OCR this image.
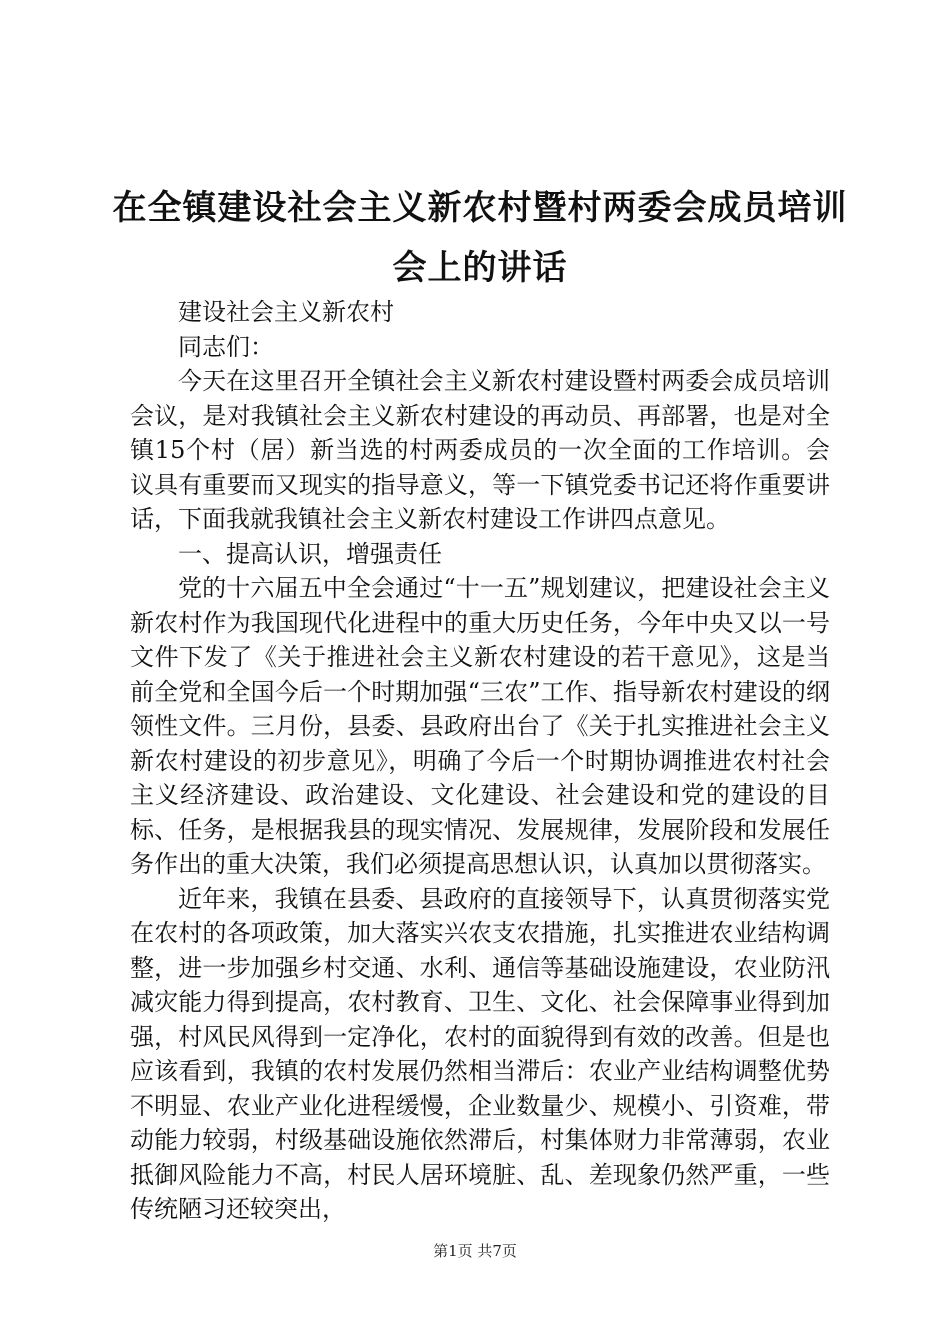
在全镇建设社会主义新农村暨村两委会成员培训会上的讲话

建设社会主义新农村

同志们：

今天在这里召开全镇社会主义新农村建设暨村两委会成员培训会议，是对我镇社会主义新农村建设的再动员、再部署，也是对全镇15个村（居）新当选的村两委成员的一次全面的工作培训。会议具有重要而又现实的指导意义，等一下镇党委书记还将作重要讲话，下面我就我镇社会主义新农村建设工作讲四点意见。

一、提高认识，增强责任

党的十六届五中全会通过“十一五”规划建议，把建设社会主义新农村作为我国现代化进程中的重大历史任务，今年中央又以一号文件下发了《关于推进社会主义新农村建设的若干意见》，这是当前全党和全国今后一个时期加强“三农”工作、指导新农村建设的纲领性文件。三月份，县委、县政府出台了《关于扎实推进社会主义新农村建设的初步意见》，明确了今后一个时期协调推进农村社会主义经济建设、政治建设、文化建设、社会建设和党的建设的目标、任务，是根据我县的现实情况、发展规律，发展阶段和发展任务作出的重大决策，我们必须提高思想认识，认真加以贯彻落实。

近年来，我镇在县委、县政府的直接领导下，认真贯彻落实党在农村的各项政策，加大落实兴农支农措施，扎实推进农业结构调整，进一步加强乡村交通、水利、通信等基础设施建设，农业防汛减灾能力得到提高，农村教育、卫生、文化、社会保障事业得到加强，村风民风得到一定净化，农村的面貌得到有效的改善。但是也应该看到，我镇的农村发展仍然相当滞后：农业产业结构调整优势不明显、农业产业化进程缓慢，企业数量少、规模小、引资难，带动能力较弱，村级基础设施依然滞后，村集体财力非常薄弱，农业抵御风险能力不高，村民人居环境脏、乱、差现象仍然严重，一些传统陋习还较突出，

第1页 共7页
